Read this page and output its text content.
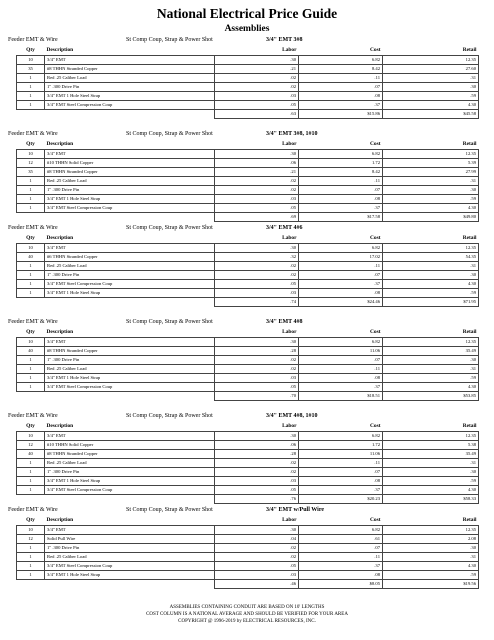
National Electrical Price Guide
Assemblies
Feeder EMT & Wire	St Comp Coup, Strap & Power Shot	3/4" EMT 3#8
Qty	Description	Labor	Cost	Retail
10	3/4" EMT	.30	6.82	12.35
35	#8 THHN Stranded Copper	.21	8.42	27.60
1	Red .25 Caliber Load	.02	.11	.31
1	1" .300 Drive Pin	.02	.07	.30
1	3/4" EMT 1 Hole Steel Strap	.03	.08	.59
1	3/4" EMT Steel Compression Coup	.05	.37	4.30
		.63	$15.86	$45.58
Feeder EMT & Wire	St Comp Coup, Strap & Power Shot	3/4" EMT 3#8, 1#10
Qty	Description	Labor	Cost	Retail
10	3/4" EMT	.30	6.82	12.35
12	#10 THHN Solid Copper	.06	1.72	5.39
35	#8 THHN Stranded Copper	.21	8.42	27.99
1	Red .25 Caliber Load	.02	.11	.31
1	1" .300 Drive Pin	.02	.07	.30
1	3/4" EMT 1 Hole Steel Strap	.03	.08	.59
1	3/4" EMT Steel Compression Coup	.05	.37	4.30
		.69	$17.58	$49.80
Feeder EMT & Wire	St Comp Coup, Strap & Power Shot	3/4" EMT 4#6
Qty	Description	Labor	Cost	Retail
10	3/4" EMT	.30	6.82	12.35
40	#6 THHN Stranded Copper	.32	17.02	54.35
1	Red .25 Caliber Load	.02	.11	.31
1	1" .300 Drive Pin	.02	.07	.30
1	3/4" EMT Steel Compression Coup	.05	.37	4.30
1	3/4" EMT 1 Hole Steel Strap	.03	.08	.59
		.74	$24.46	$71.95
Feeder EMT & Wire	St Comp Coup, Strap & Power Shot	3/4" EMT 4#8
Qty	Description	Labor	Cost	Retail
10	3/4" EMT	.30	6.82	12.35
40	#8 THHN Stranded Copper	.28	11.06	35.49
1	1" .300 Drive Pin	.02	.07	.30
1	Red .25 Caliber Load	.02	.11	.31
1	3/4" EMT 1 Hole Steel Strap	.03	.08	.59
1	3/4" EMT Steel Compression Coup	.05	.37	4.30
		.70	$18.51	$53.85
Feeder EMT & Wire	St Comp Coup, Strap & Power Shot	3/4" EMT 4#8, 1#10
Qty	Description	Labor	Cost	Retail
10	3/4" EMT	.30	6.82	12.35
12	#10 THHN Solid Copper	.06	1.72	5.38
40	#8 THHN Stranded Copper	.28	11.06	35.49
1	Red .25 Caliber Load	.02	.11	.31
1	1" .300 Drive Pin	.02	.07	.30
1	3/4" EMT 1 Hole Steel Strap	.03	.08	.59
1	3/4" EMT Steel Compression Coup	.05	.37	4.30
		.76	$20.23	$58.33
Feeder EMT & Wire	St Comp Coup, Strap & Power Shot	3/4" EMT w/Pull Wire
Qty	Description	Labor	Cost	Retail
10	3/4" EMT	.30	6.82	12.35
12	Solid Pull Wire	.04	.61	2.08
1	1" .300 Drive Pin	.02	.07	.30
1	Red .25 Caliber Load	.02	.11	.31
1	3/4" EMT Steel Compression Coup	.05	.37	4.30
1	3/4" EMT 1 Hole Steel Strap	.03	.08	.59
		.46	$8.05	$19.56
ASSEMBLIES CONTAINING CONDUIT ARE BASED ON 10' LENGTHS
COST COLUMN IS A NATIONAL AVERAGE AND SHOULD BE VERIFIED FOR YOUR AREA
COPYRIGHT @ 1996-2019 by ELECTRICAL RESOURCES, INC.
